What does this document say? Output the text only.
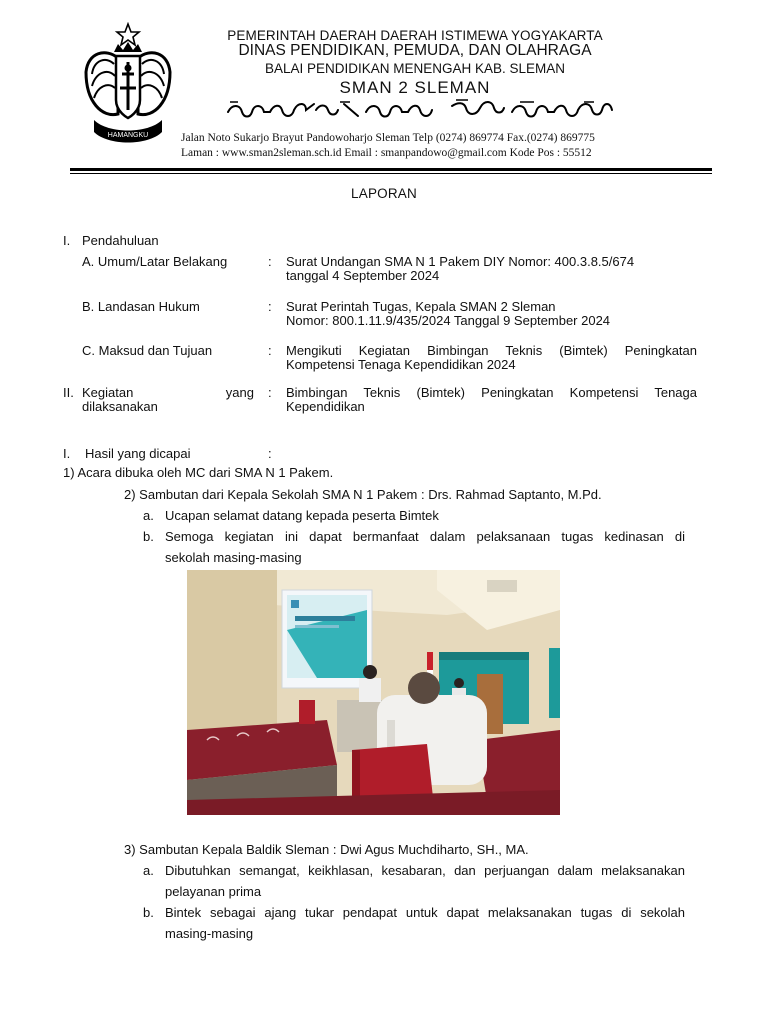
HAMANGKU
PEMERINTAH DAERAH DAERAH ISTIMEWA YOGYAKARTA
DINAS PENDIDIKAN, PEMUDA, DAN OLAHRAGA
BALAI PENDIDIKAN MENENGAH KAB. SLEMAN
SMAN 2 SLEMAN
Jalan Noto Sukarjo Brayut Pandowoharjo Sleman Telp (0274) 869774 Fax.(0274) 869775
Laman : www.sman2sleman.sch.id Email : smanpandowo@gmail.com Kode Pos : 55512
LAPORAN
I. Pendahuluan
A. Umum/Latar Belakang	: Surat Undangan SMA N 1 Pakem DIY Nomor: 400.3.8.5/674
tanggal 4 September 2024
B. Landasan Hukum	: Surat Perintah Tugas, Kepala SMAN 2 Sleman
Nomor: 800.1.11.9/435/2024 Tanggal 9 September 2024
C. Maksud dan Tujuan	: Mengikuti Kegiatan Bimbingan Teknis (Bimtek) Peningkatan
Kompetensi Tenaga Kependidikan 2024
II. Kegiatan yang
dilaksanakan
: Bimbingan Teknis (Bimtek) Peningkatan Kompetensi Tenaga
Kependidikan
I. Hasil yang dicapai	:
1) Acara dibuka oleh MC dari SMA N 1 Pakem.
2) Sambutan dari Kepala Sekolah SMA N 1 Pakem : Drs. Rahmad Saptanto, M.Pd.
a. Ucapan selamat datang kepada peserta Bimtek
b. Semoga kegiatan ini dapat bermanfaat dalam pelaksanaan tugas kedinasan di
sekolah masing-masing
3) Sambutan Kepala Baldik Sleman : Dwi Agus Muchdiharto, SH., MA.
a. Dibutuhkan semangat, keikhlasan, kesabaran, dan perjuangan dalam melaksanakan
pelayanan prima
b. Bintek sebagai ajang tukar pendapat untuk dapat melaksanakan tugas di sekolah
masing-masing
